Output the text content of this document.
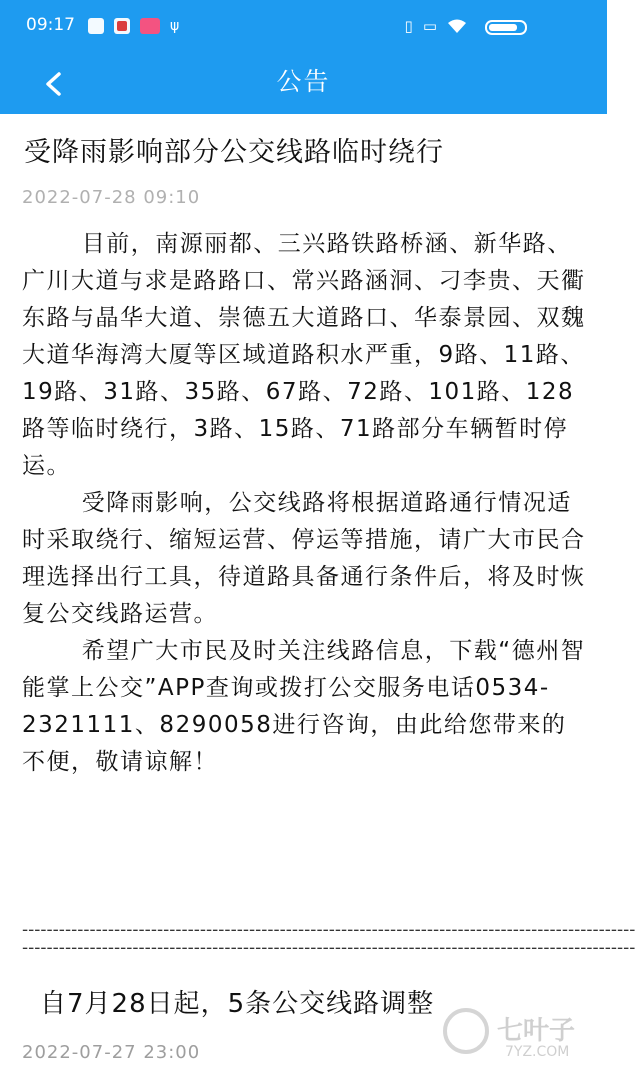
09:17	ψ	▯ ▭
公告
受降雨影响部分公交线路临时绕行
2022-07-28 09:10

目前，南源丽都、三兴路铁路桥涵、新华路、广川大道与求是路路口、常兴路涵洞、刁李贵、天衢东路与晶华大道、崇德五大道路口、华泰景园、双魏大道华海湾大厦等区域道路积水严重，9路、11路、19路、31路、35路、67路、72路、101路、128路等临时绕行，3路、15路、71路部分车辆暂时停运。

受降雨影响，公交线路将根据道路通行情况适时采取绕行、缩短运营、停运等措施，请广大市民合理选择出行工具，待道路具备通行条件后，将及时恢复公交线路运营。

希望广大市民及时关注线路信息，下载“德州智能掌上公交”APP查询或拨打公交服务电话0534-2321111、8290058进行咨询，由此给您带来的不便，敬请谅解！

----------------------------------------------------------------------------------------------------
----------------------------------------------------------------------------------------------------
自7月28日起，5条公交线路调整
2022-07-27 23:00
七叶子
7YZ.COM
